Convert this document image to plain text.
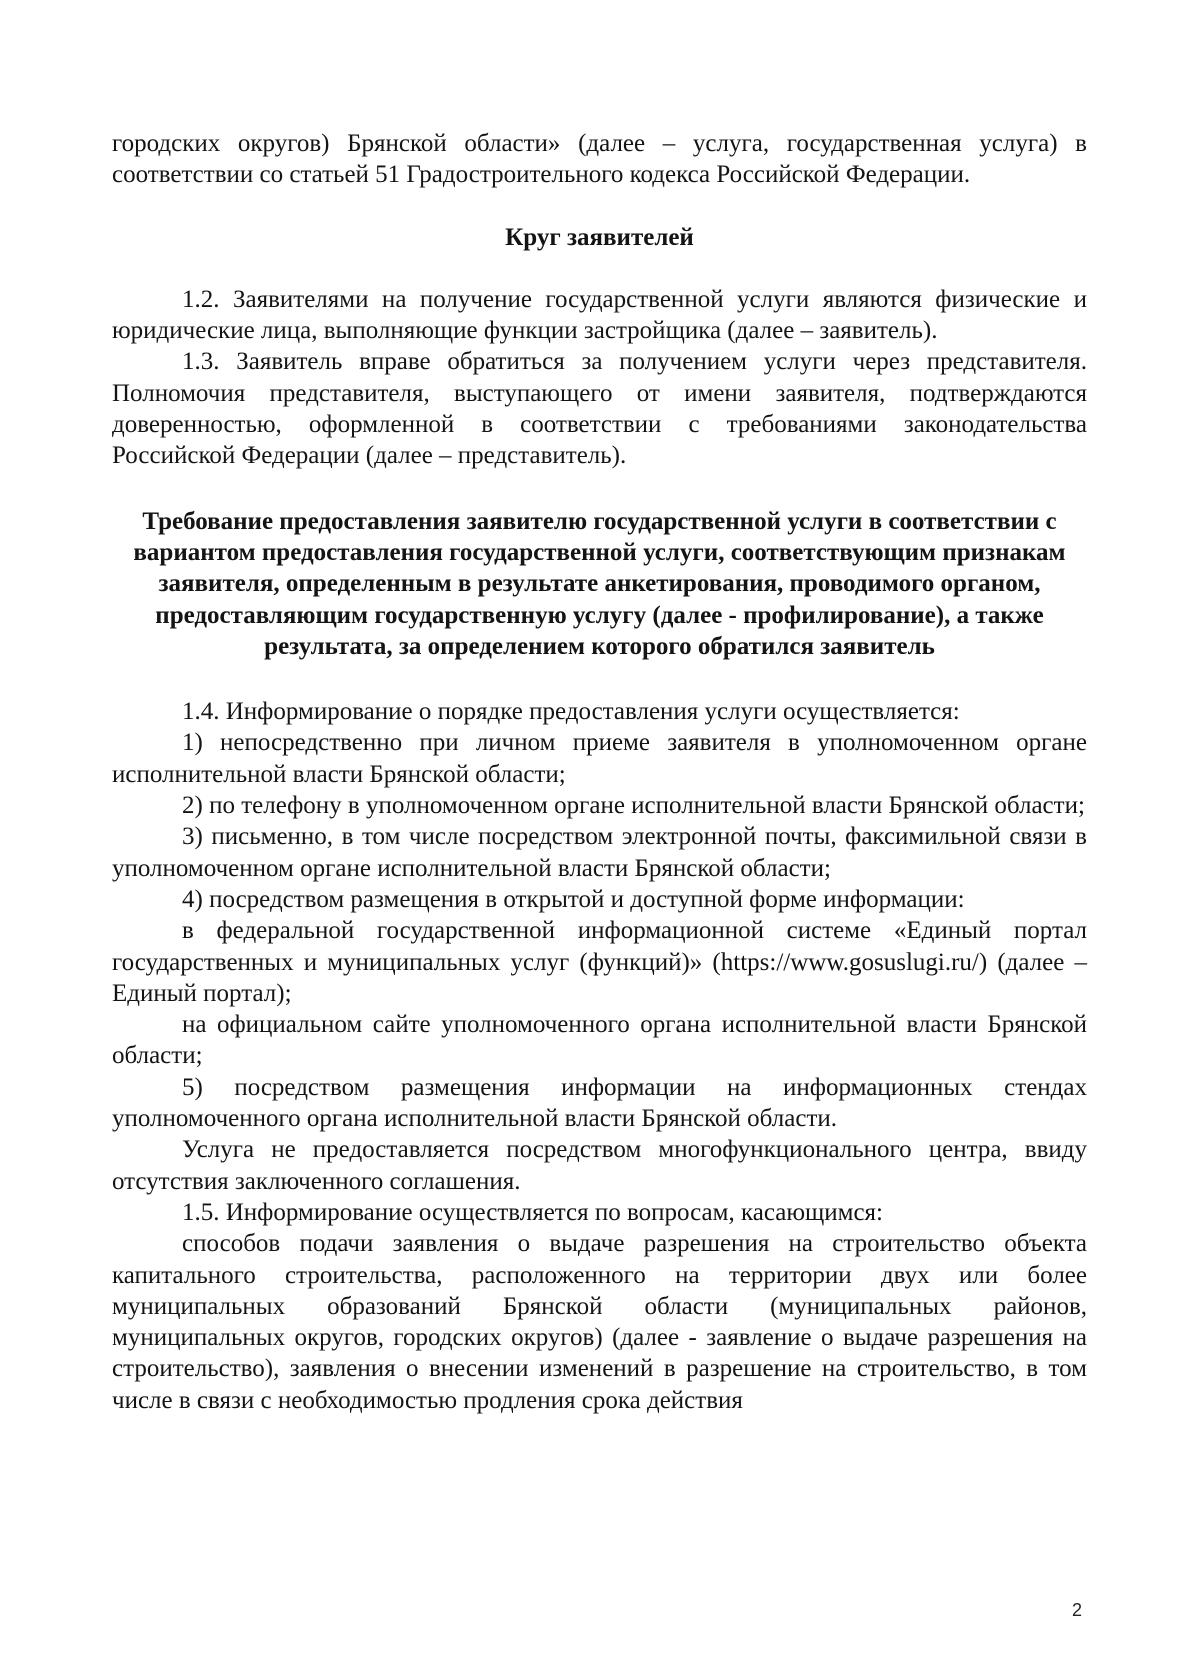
городских округов) Брянской области» (далее – услуга, государственная услуга) в соответствии со статьей 51 Градостроительного кодекса Российской Федерации.

Круг заявителей

1.2. Заявителями на получение государственной услуги являются физические и юридические лица, выполняющие функции застройщика (далее – заявитель).

1.3. Заявитель вправе обратиться за получением услуги через представителя. Полномочия представителя, выступающего от имени заявителя, подтверждаются доверенностью, оформленной в соответствии с требованиями законодательства Российской Федерации (далее – представитель).

Требование предоставления заявителю государственной услуги в соответствии с вариантом предоставления государственной услуги, соответствующим признакам заявителя, определенным в результате анкетирования, проводимого органом, предоставляющим государственную услугу (далее - профилирование), а также результата, за определением которого обратился заявитель

1.4. Информирование о порядке предоставления услуги осуществляется:

1) непосредственно при личном приеме заявителя в уполномоченном органе исполнительной власти Брянской области;

2) по телефону в уполномоченном органе исполнительной власти Брянской области;

3) письменно, в том числе посредством электронной почты, факсимильной связи в уполномоченном органе исполнительной власти Брянской области;

4) посредством размещения в открытой и доступной форме информации:

в федеральной государственной информационной системе «Единый портал государственных и муниципальных услуг (функций)» (https://www.gosuslugi.ru/) (далее – Единый портал);

на официальном сайте уполномоченного органа исполнительной власти Брянской области;

5) посредством размещения информации на информационных стендах уполномоченного органа исполнительной власти Брянской области.

Услуга не предоставляется посредством многофункционального центра, ввиду отсутствия заключенного соглашения.

1.5. Информирование осуществляется по вопросам, касающимся:

способов подачи заявления о выдаче разрешения на строительство объекта капитального строительства, расположенного на территории двух или более муниципальных образований Брянской области (муниципальных районов, муниципальных округов, городских округов) (далее - заявление о выдаче разрешения на строительство), заявления о внесении изменений в разрешение на строительство, в том числе в связи с необходимостью продления срока действия

2
